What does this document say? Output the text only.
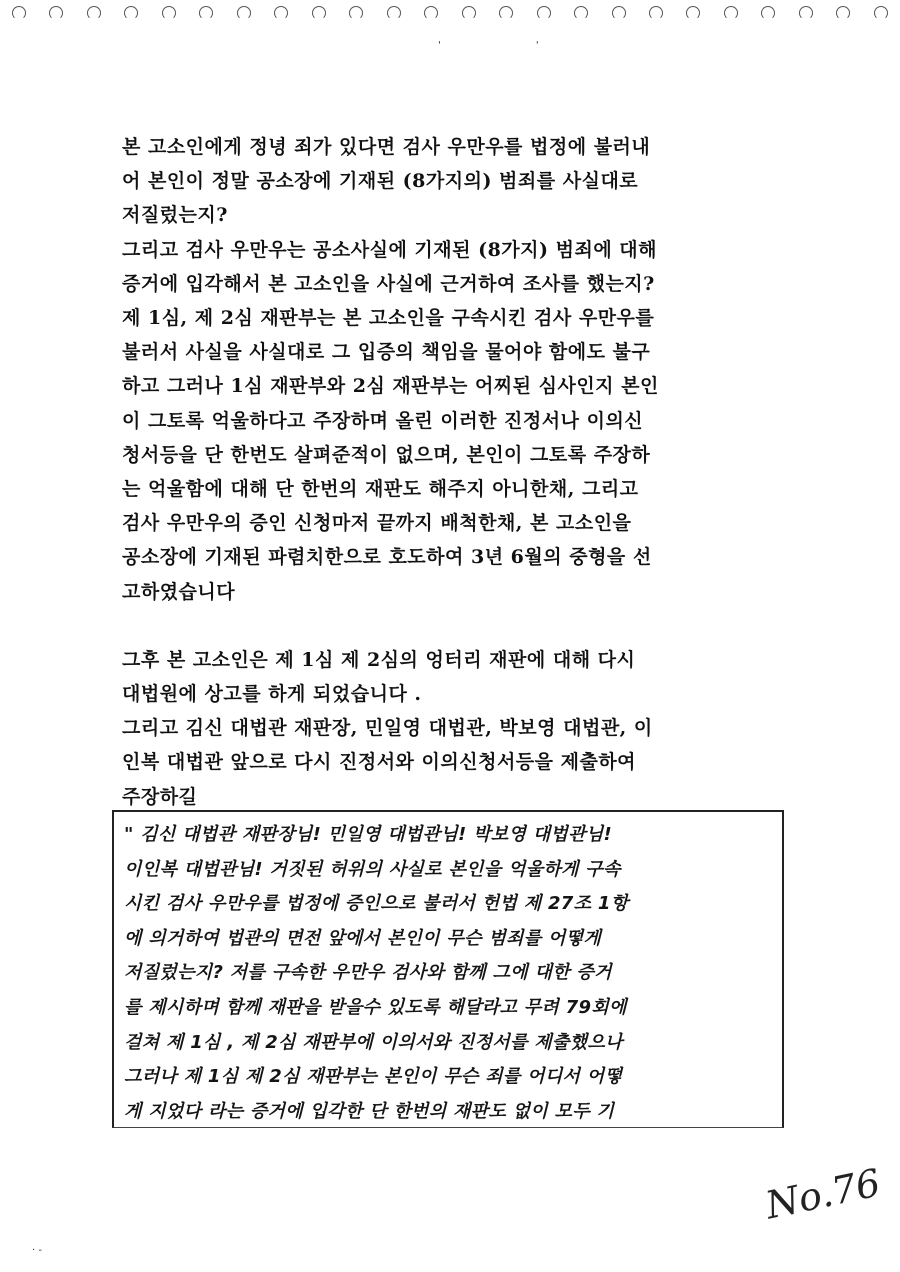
' '

본 고소인에게 정녕 죄가 있다면 검사 우만우를 법정에 불러내
어 본인이 정말 공소장에 기재된 (8가지의) 범죄를 사실대로
저질렀는지?
그리고 검사 우만우는 공소사실에 기재된 (8가지) 범죄에 대해
증거에 입각해서 본 고소인을 사실에 근거하여 조사를 했는지?
제 1심, 제 2심 재판부는 본 고소인을 구속시킨 검사 우만우를
불러서 사실을 사실대로 그 입증의 책임을 물어야 함에도 불구
하고 그러나 1심 재판부와 2심 재판부는 어찌된 심사인지 본인
이 그토록 억울하다고 주장하며 올린 이러한 진정서나 이의신
청서등을 단 한번도 살펴준적이 없으며, 본인이 그토록 주장하
는 억울함에 대해 단 한번의 재판도 해주지 아니한채, 그리고
검사 우만우의 증인 신청마저 끝까지 배척한채, 본 고소인을
공소장에 기재된 파렴치한으로 호도하여 3년 6월의 중형을 선
고하였습니다

그후 본 고소인은 제 1심 제 2심의 엉터리 재판에 대해 다시
대법원에 상고를 하게 되었습니다 .
그리고 김신 대법관 재판장, 민일영 대법관, 박보영 대법관, 이
인복 대법관 앞으로 다시 진정서와 이의신청서등을 제출하여
주장하길

" 김신 대법관 재판장님! 민일영 대법관님! 박보영 대법관님!
이인복 대법관님! 거짓된 허위의 사실로 본인을 억울하게 구속
시킨 검사 우만우를 법정에 증인으로 불러서 헌법 제 27조 1항
에 의거하여 법관의 면전 앞에서 본인이 무슨 범죄를 어떻게
저질렀는지? 저를 구속한 우만우 검사와 함께 그에 대한 증거
를 제시하며 함께 재판을 받을수 있도록 해달라고 무려 79회에
걸쳐 제 1심 , 제 2심 재판부에 이의서와 진정서를 제출했으나
그러나 제 1심 제 2심 재판부는 본인이 무슨 죄를 어디서 어떻
게 지었다 라는 증거에 입각한 단 한번의 재판도 없이 모두 기
No.76
· -
